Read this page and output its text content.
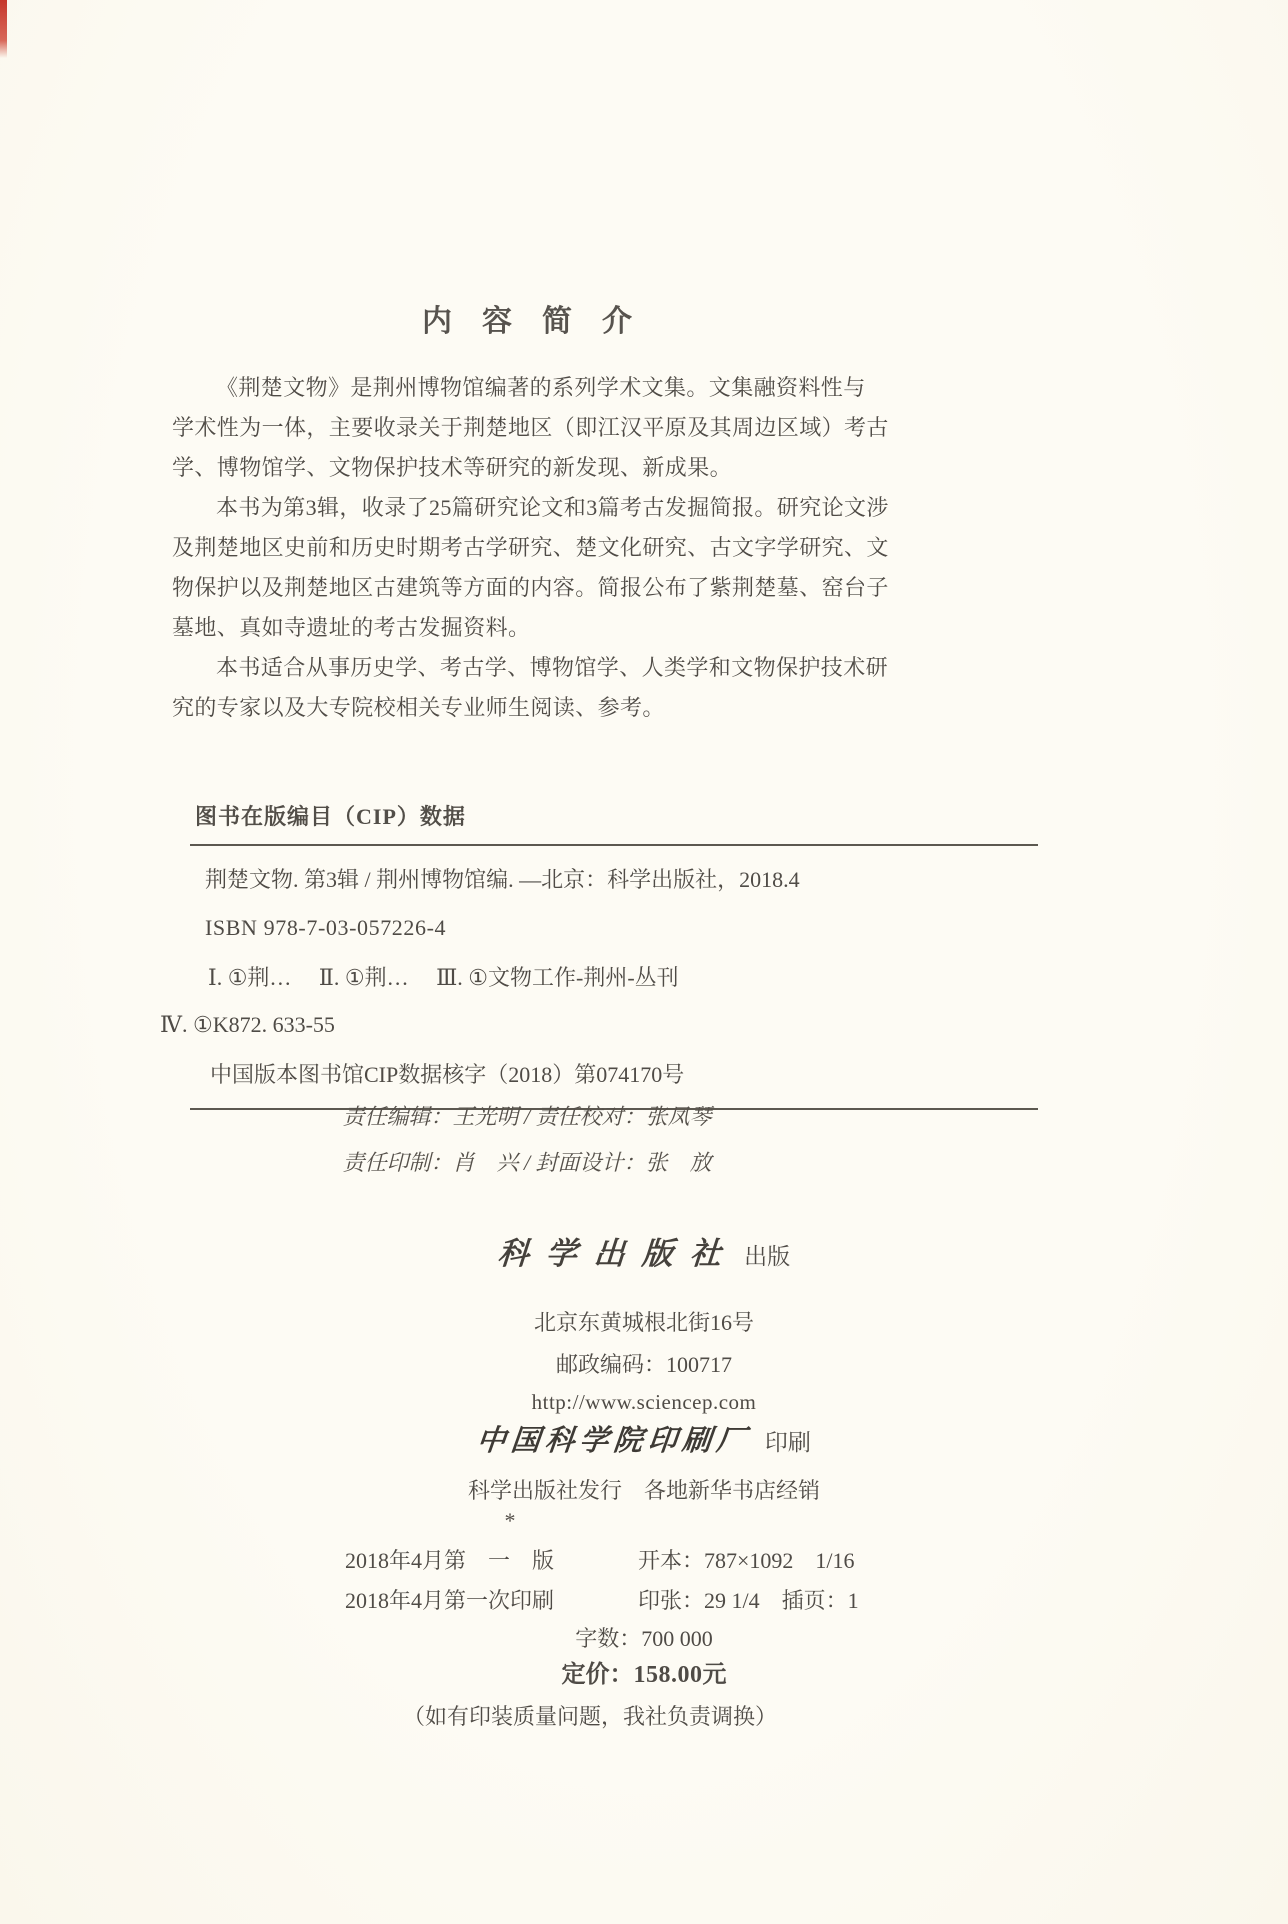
内　容　简　介
《荆楚文物》是荆州博物馆编著的系列学术文集。文集融资料性与
学术性为一体，主要收录关于荆楚地区（即江汉平原及其周边区域）考古
学、博物馆学、文物保护技术等研究的新发现、新成果。
本书为第3辑，收录了25篇研究论文和3篇考古发掘简报。研究论文涉
及荆楚地区史前和历史时期考古学研究、楚文化研究、古文字学研究、文
物保护以及荆楚地区古建筑等方面的内容。简报公布了紫荆楚墓、窑台子
墓地、真如寺遗址的考古发掘资料。
本书适合从事历史学、考古学、博物馆学、人类学和文物保护技术研
究的专家以及大专院校相关专业师生阅读、参考。
图书在版编目（CIP）数据
荆楚文物. 第3辑 / 荆州博物馆编. —北京：科学出版社，2018.4
ISBN 978-7-03-057226-4
Ⅰ. ①荆…　 Ⅱ. ①荆…　 Ⅲ. ①文物工作-荆州-丛刊
Ⅳ. ①K872. 633-55
中国版本图书馆CIP数据核字（2018）第074170号
责任编辑：王光明 / 责任校对：张凤琴
责任印制：肖　兴 / 封面设计：张　放
科学出版社 出版
北京东黄城根北街16号
邮政编码：100717
http://www.sciencep.com
中国科学院印刷厂 印刷
科学出版社发行　各地新华书店经销
*
2018年4月第　一　版	开本：787×1092　1/16
2018年4月第一次印刷	印张：29 1/4　插页：1
字数：700 000
定价：158.00元
（如有印装质量问题，我社负责调换）
